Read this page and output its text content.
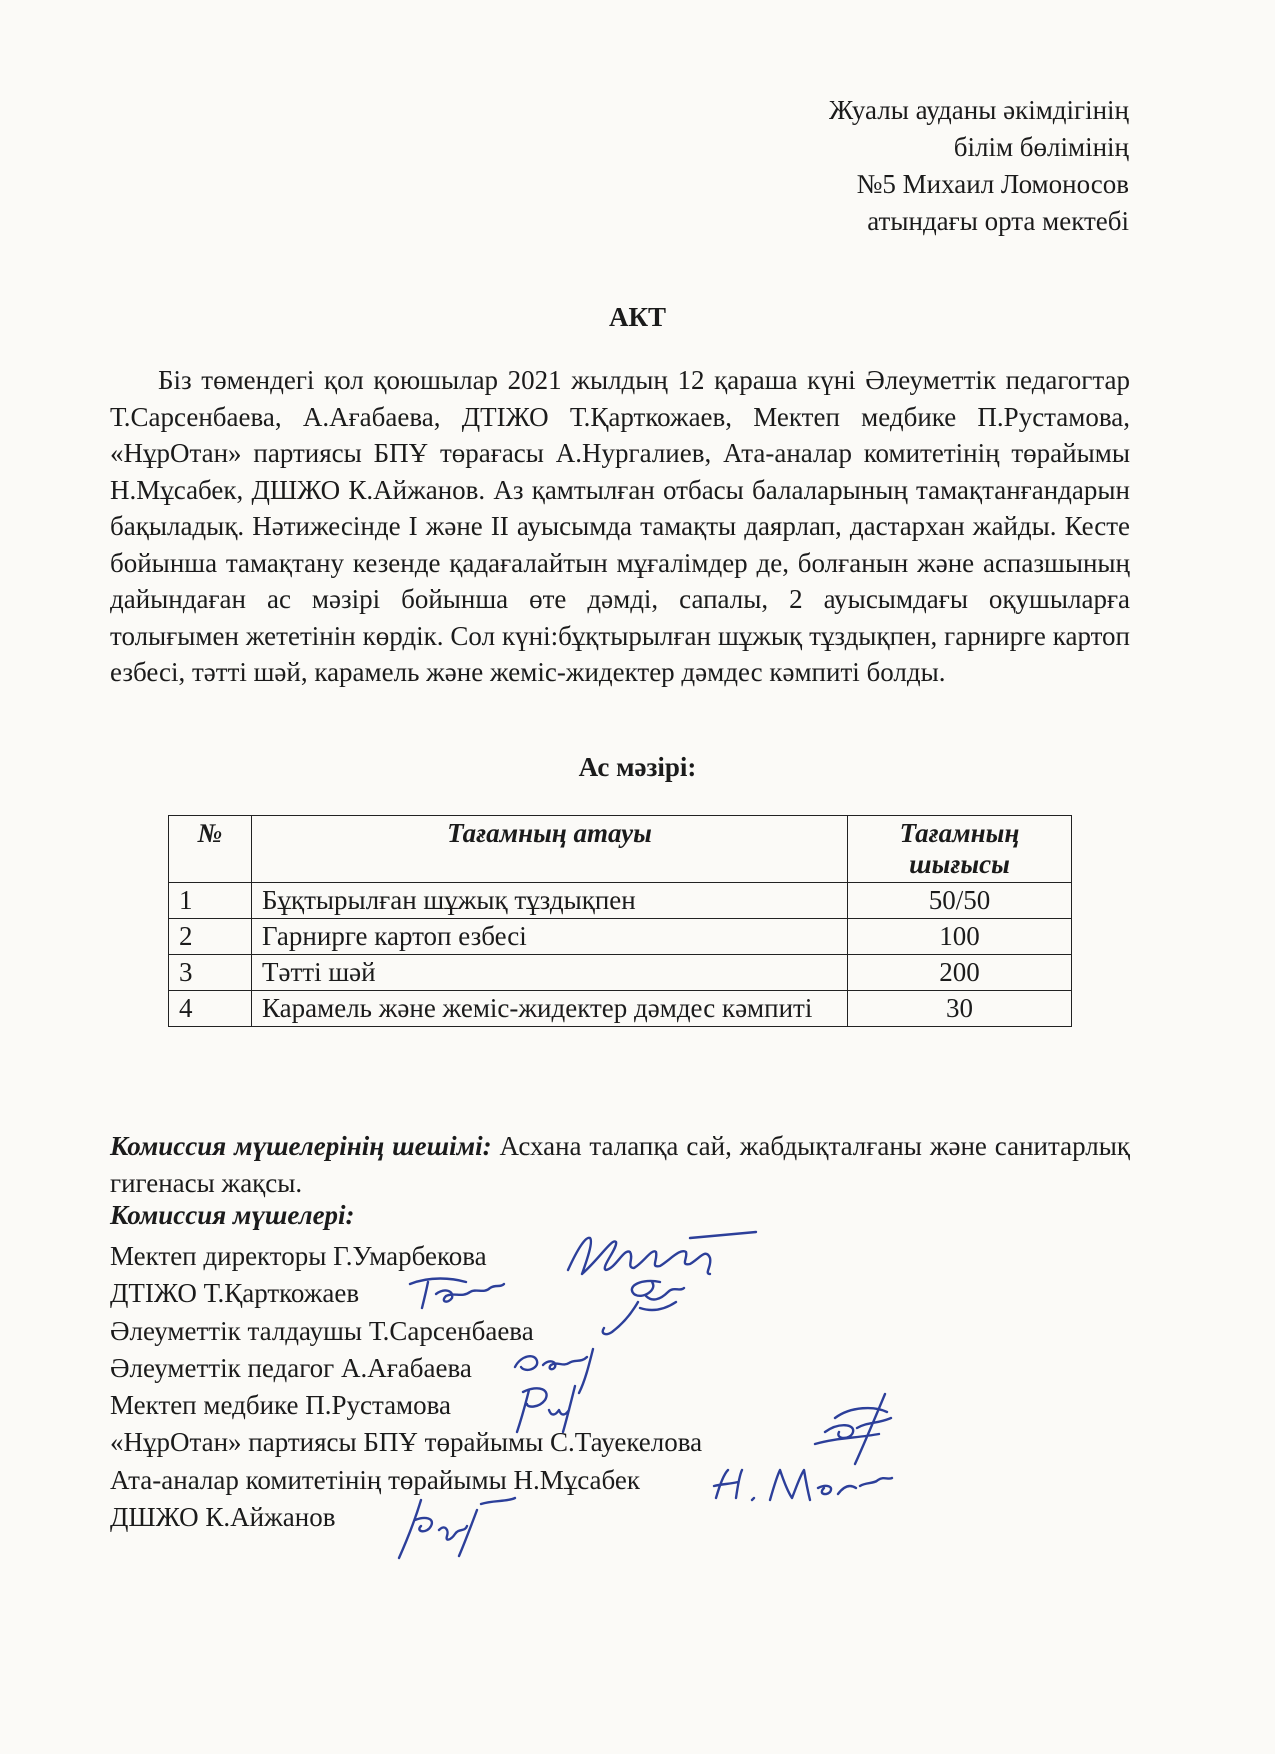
Жуалы ауданы әкімдігінің
білім бөлімінің
№5 Михаил Ломоносов
атындағы орта мектебі
АКТ
Біз төмендегі қол қоюшылар 2021 жылдың 12 қараша күні Әлеуметтік педагогтар Т.Сарсенбаева, А.Ағабаева, ДТІЖО Т.Қарткожаев, Мектеп медбике П.Рустамова, «НұрОтан» партиясы БПҰ төрағасы А.Нургалиев, Ата-аналар комитетінің төрайымы Н.Мұсабек, ДШЖО К.Айжанов. Аз қамтылған отбасы балаларының тамақтанғандарын бақыладық. Нәтижесінде I және II ауысымда тамақты даярлап, дастархан жайды. Кесте бойынша тамақтану кезенде қадағалайтын мұғалімдер де, болғанын және аспазшының дайындаған ас мәзірі бойынша өте дәмді, сапалы, 2 ауысымдағы оқушыларға толығымен жететінін көрдік. Сол күні:бұқтырылған шұжық тұздықпен, гарнирге картоп езбесі, тәтті шәй, карамель және жеміс-жидектер дәмдес кәмпиті болды.
Ас мәзірі:
№	Тағамның атауы	Тағамның шығысы
1	Бұқтырылған шұжық тұздықпен	50/50
2	Гарнирге картоп езбесі	100
3	Тәтті шәй	200
4	Карамель және жеміс-жидектер дәмдес кәмпиті	30
Комиссия мүшелерінің шешімі: Асхана талапқа сай, жабдықталғаны және санитарлық гигенасы жақсы.
Комиссия мүшелері:
Мектеп директоры Г.Умарбекова
ДТІЖО Т.Қарткожаев
Әлеуметтік талдаушы Т.Сарсенбаева
Әлеуметтік педагог А.Ағабаева
Мектеп медбике П.Рустамова
«НұрОтан» партиясы БПҰ төрайымы С.Тауекелова
Ата-аналар комитетінің төрайымы Н.Мұсабек
ДШЖО К.Айжанов
